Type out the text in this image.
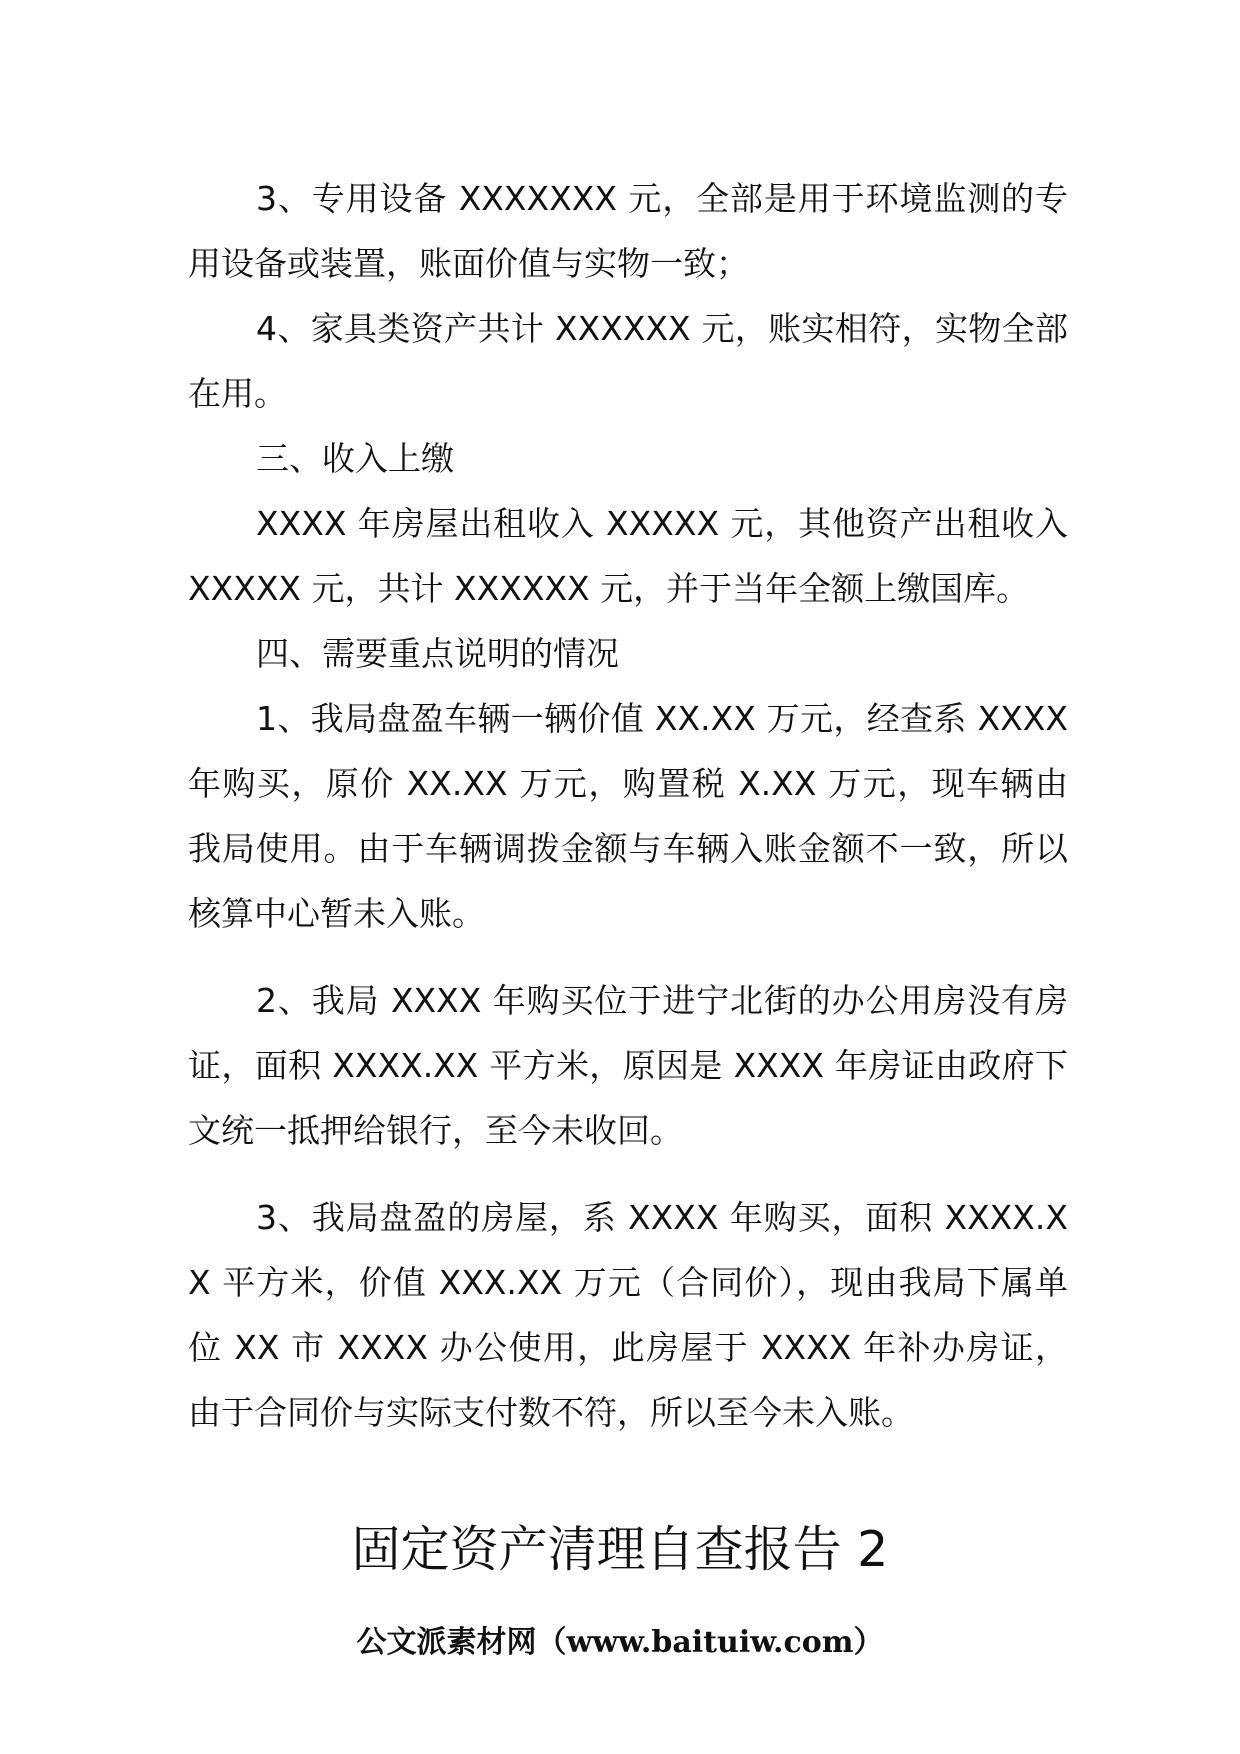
3、专用设备 XXXXXXX 元，全部是用于环境监测的专用设备或装置，账面价值与实物一致；

4、家具类资产共计 XXXXXX 元，账实相符，实物全部在用。

三、收入上缴

XXXX 年房屋出租收入 XXXXX 元，其他资产出租收入 XXXXX 元，共计 XXXXXX 元，并于当年全额上缴国库。

四、需要重点说明的情况

1、我局盘盈车辆一辆价值 XX.XX 万元，经查系 XXXX 年购买，原价 XX.XX 万元，购置税 X.XX 万元，现车辆由我局使用。由于车辆调拨金额与车辆入账金额不一致，所以核算中心暂未入账。

2、我局 XXXX 年购买位于进宁北街的办公用房没有房证，面积 XXXX.XX 平方米，原因是 XXXX 年房证由政府下文统一抵押给银行，至今未收回。

3、我局盘盈的房屋，系 XXXX 年购买，面积 XXXX.XX 平方米，价值 XXX.XX 万元（合同价），现由我局下属单位 XX 市 XXXX 办公使用，此房屋于 XXXX 年补办房证，由于合同价与实际支付数不符，所以至今未入账。

固定资产清理自查报告 2
公文派素材网（www.baituiw.com）
